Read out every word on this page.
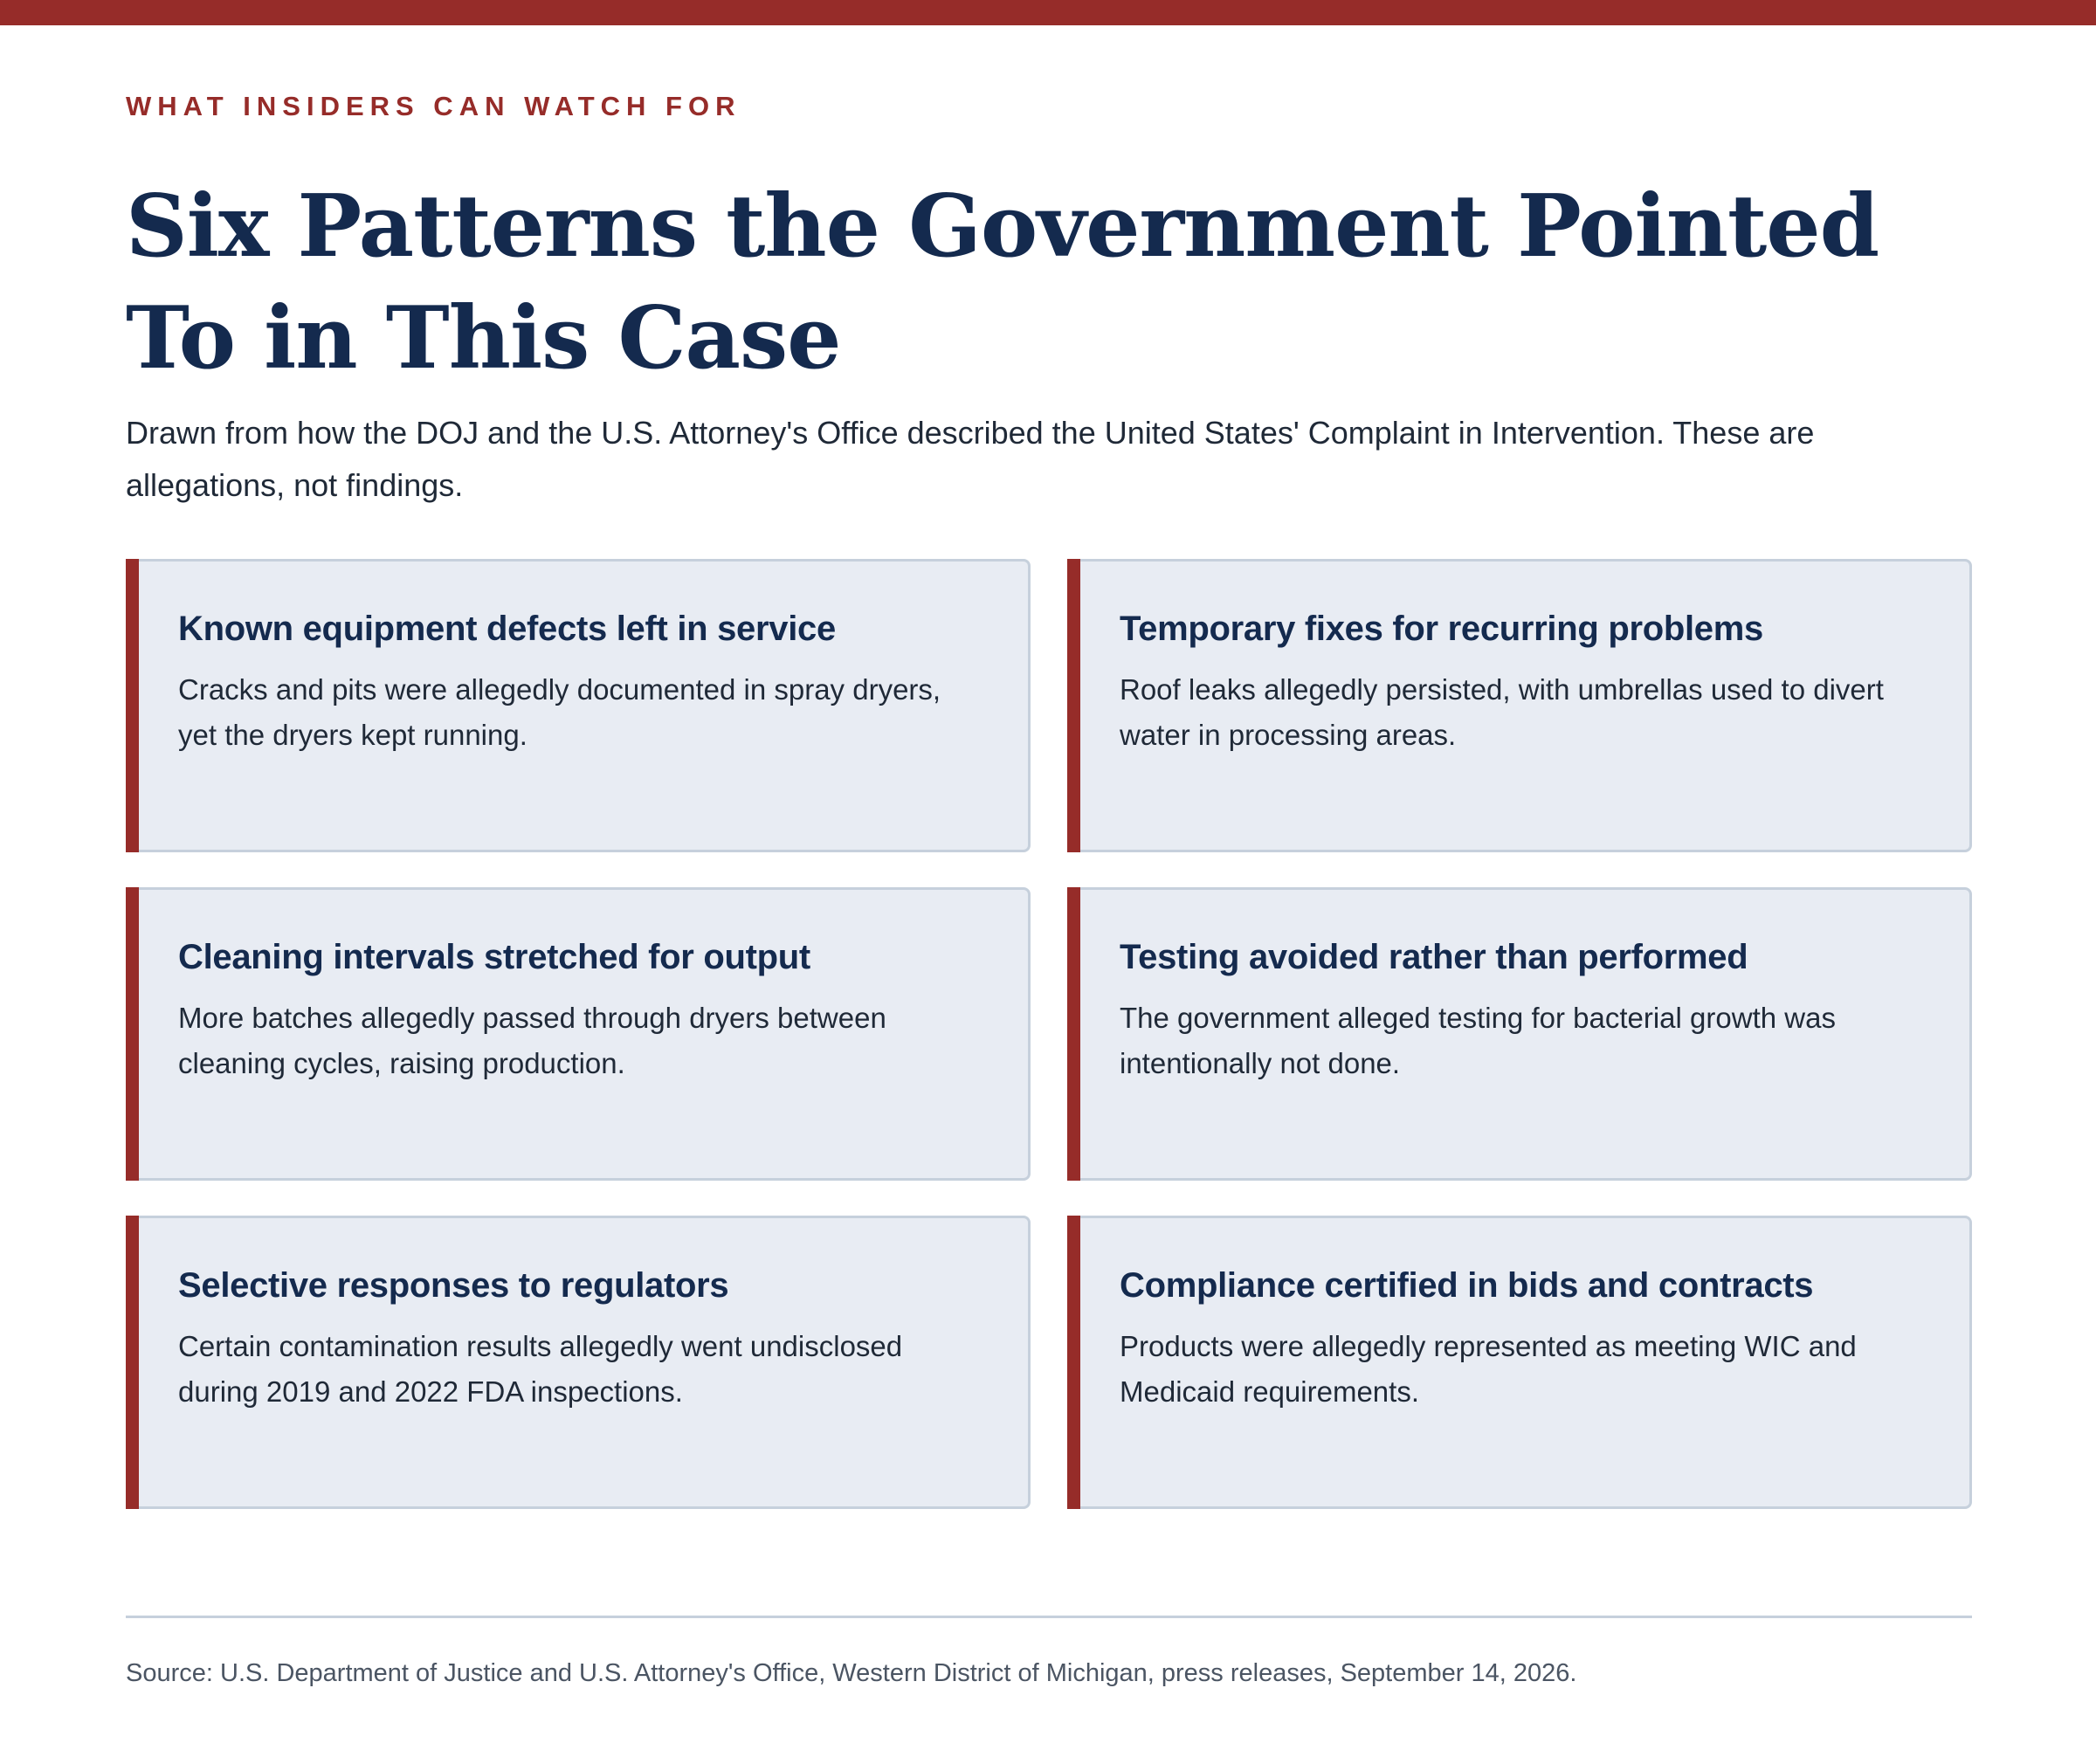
WHAT INSIDERS CAN WATCH FOR
Six Patterns the Government Pointed To in This Case

Drawn from how the DOJ and the U.S. Attorney's Office described the United States' Complaint in Intervention. These are allegations, not findings.

Known equipment defects left in service

Cracks and pits were allegedly documented in spray dryers, yet the dryers kept running.

Temporary fixes for recurring problems

Roof leaks allegedly persisted, with umbrellas used to divert water in processing areas.

Cleaning intervals stretched for output

More batches allegedly passed through dryers between cleaning cycles, raising production.

Testing avoided rather than performed

The government alleged testing for bacterial growth was intentionally not done.

Selective responses to regulators

Certain contamination results allegedly went undisclosed during 2019 and 2022 FDA inspections.

Compliance certified in bids and contracts

Products were allegedly represented as meeting WIC and Medicaid requirements.

Source: U.S. Department of Justice and U.S. Attorney's Office, Western District of Michigan, press releases, September 14, 2026.
